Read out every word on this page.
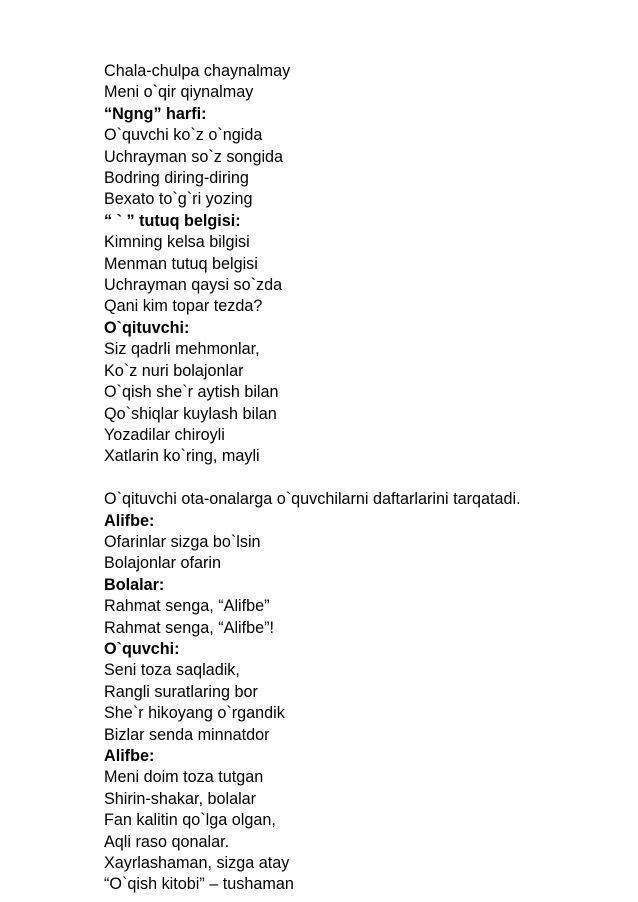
Chala-chulpa chaynalmay

Meni o`qir qiynalmay

“Ngng” harfi:

O`quvchi ko`z o`ngida

Uchrayman so`z songida

Bodring diring-diring

Bexato to`g`ri yozing

“ ` ” tutuq belgisi:

Kimning kelsa bilgisi

Menman tutuq belgisi

Uchrayman qaysi so`zda

Qani kim topar tezda?

O`qituvchi:

Siz qadrli mehmonlar,

Ko`z nuri bolajonlar

O`qish she`r aytish bilan

Qo`shiqlar kuylash bilan

Yozadilar chiroyli

Xatlarin ko`ring, mayli

O`qituvchi ota-onalarga o`quvchilarni daftarlarini tarqatadi.

Alifbe:

Ofarinlar sizga bo`lsin

Bolajonlar ofarin

Bolalar:

Rahmat senga, “Alifbe”

Rahmat senga, “Alifbe”!

O`quvchi:

Seni toza saqladik,

Rangli suratlaring bor

She`r hikoyang o`rgandik

Bizlar senda minnatdor

Alifbe:

Meni doim toza tutgan

Shirin-shakar, bolalar

Fan kalitin qo`lga olgan,

Aqli raso qonalar.

Xayrlashaman, sizga atay

“O`qish kitobi” – tushaman
